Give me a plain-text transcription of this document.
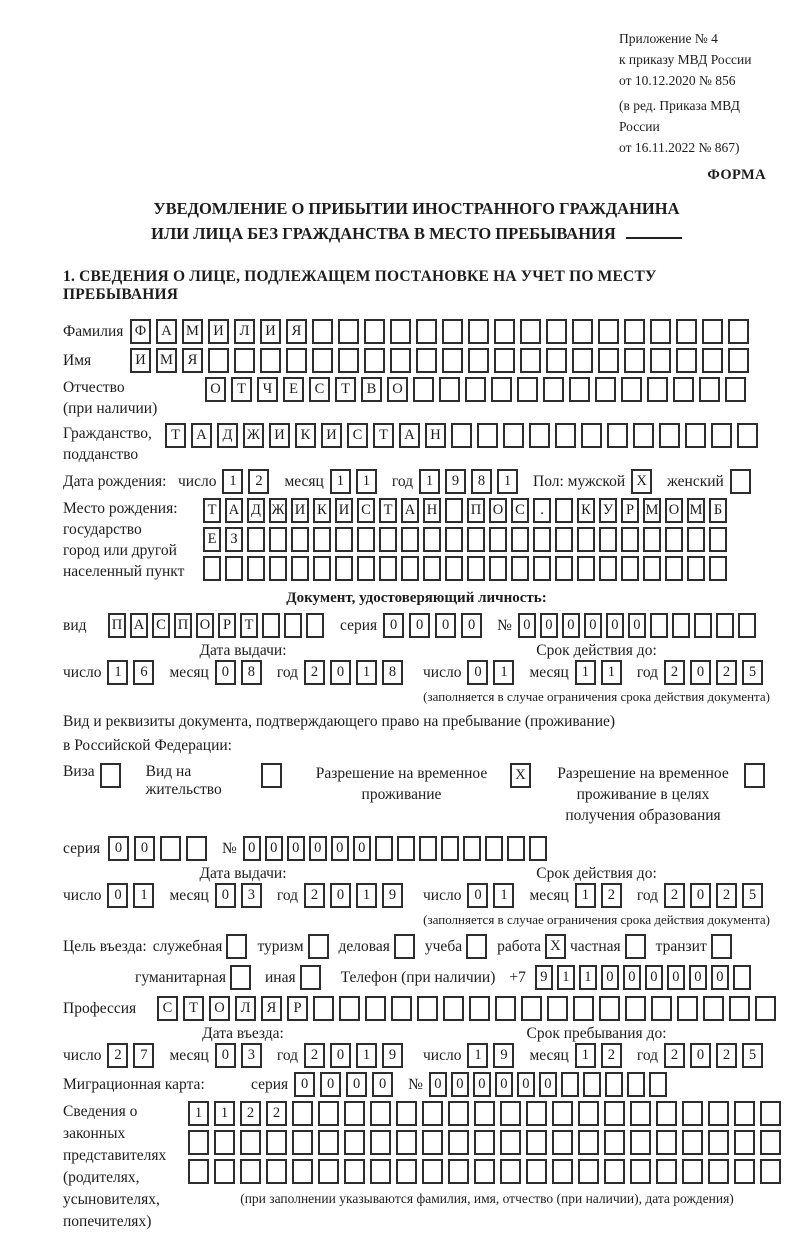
Приложение № 4
к приказу МВД России
от 10.12.2020 № 856
(в ред. Приказа МВД России
от 16.11.2022 № 867)
ФОРМА
УВЕДОМЛЕНИЕ О ПРИБЫТИИ ИНОСТРАННОГО ГРАЖДАНИНА
ИЛИ ЛИЦА БЕЗ ГРАЖДАНСТВА В МЕСТО ПРЕБЫВАНИЯ
1. СВЕДЕНИЯ О ЛИЦЕ, ПОДЛЕЖАЩЕМ ПОСТАНОВКЕ НА УЧЕТ ПО МЕСТУ ПРЕБЫВАНИЯ
Фамилия Ф	А М И	Л	И	Я
Имя	И М	Я
Отчество
(при наличии)
О	Т	Ч	Е	С	Т	В	О
Гражданство,
подданство
Т	А	Д	Ж И	К	И	С	Т	А	Н
Дата рождения: число 1	2	месяц 1	1	год 1	9	8	1	Пол: мужской X	женский
Место рождения:
государство
город или другой
населенный пункт
Т А Д Ж И К И С Т А Н П О С	.	К У Р М О М Б
Е З
Документ, удостоверяющий личность:
вид	П А С П О Р Т	серия 0	0	0	0	№ 0	0	0	0	0	0
Дата выдачи:	Срок действия до:
число 1	6	месяц 0	8	год 2	0	1	8	число 0	1	месяц 1	1	год 2	0	2	5
(заполняется в случае ограничения срока действия документа)
Вид и реквизиты документа, подтверждающего право на пребывание (проживание)
в Российской Федерации:
Виза	Вид на жительство
Разрешение на временное проживание
X	Разрешение на временное проживание в целях получения образования
серия	0	0	№ 0	0	0	0	0	0
Дата выдачи:	Срок действия до:
число 0	1	месяц 0	3	год 2	0	1	9	число 0	1	месяц 1	2	год 2	0	2	5
(заполняется в случае ограничения срока действия документа)
Цель въезда: служебная туризм деловая учеба работа X частная транзит
гуманитарная	иная	Телефон (при наличии) +7 9	1	1	0	0	0	0	0	0
Профессия	С	Т	О	Л	Я	Р
Дата въезда:	Срок пребывания до:
число 2	7	месяц 0	3	год 2	0	1	9	число 1	9	месяц 1	2	год 2	0	2	5
Миграционная карта:	серия 0	0	0	0	№ 0	0	0	0	0	0
Сведения о
законных
представителях
(родителях,
усыновителях,
попечителях)
1	1	2	2
(при заполнении указываются фамилия, имя, отчество (при наличии), дата рождения)
